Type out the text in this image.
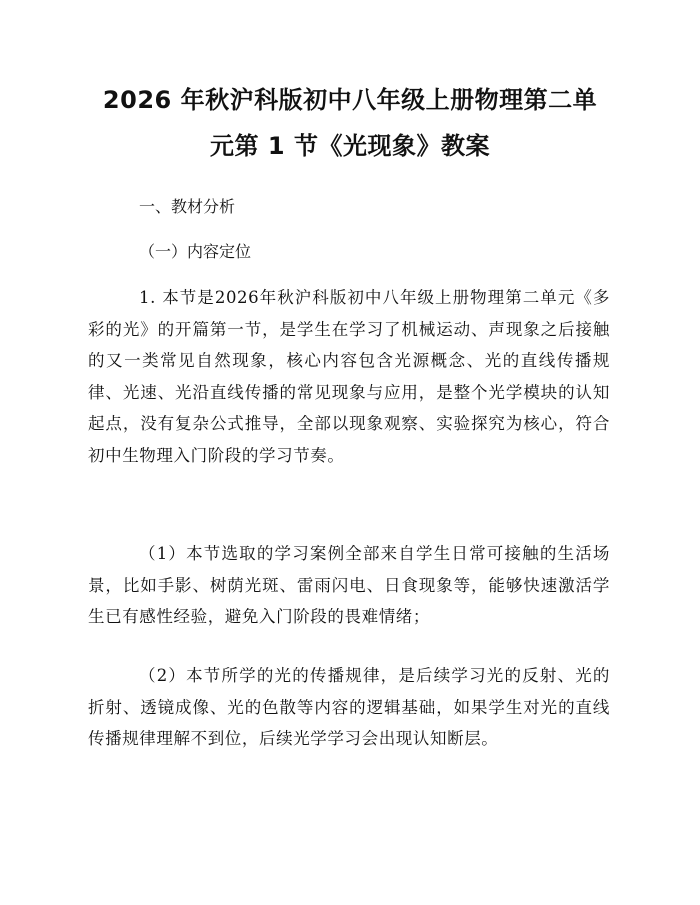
2026 年秋沪科版初中八年级上册物理第二单
元第 1 节《光现象》教案
一、教材分析
（一）内容定位

1. 本节是2026年秋沪科版初中八年级上册物理第二单元《多彩的光》的开篇第一节，是学生在学习了机械运动、声现象之后接触的又一类常见自然现象，核心内容包含光源概念、光的直线传播规律、光速、光沿直线传播的常见现象与应用，是整个光学模块的认知起点，没有复杂公式推导，全部以现象观察、实验探究为核心，符合初中生物理入门阶段的学习节奏。

（1）本节选取的学习案例全部来自学生日常可接触的生活场景，比如手影、树荫光斑、雷雨闪电、日食现象等，能够快速激活学生已有感性经验，避免入门阶段的畏难情绪；

（2）本节所学的光的传播规律，是后续学习光的反射、光的折射、透镜成像、光的色散等内容的逻辑基础，如果学生对光的直线传播规律理解不到位，后续光学学习会出现认知断层。
